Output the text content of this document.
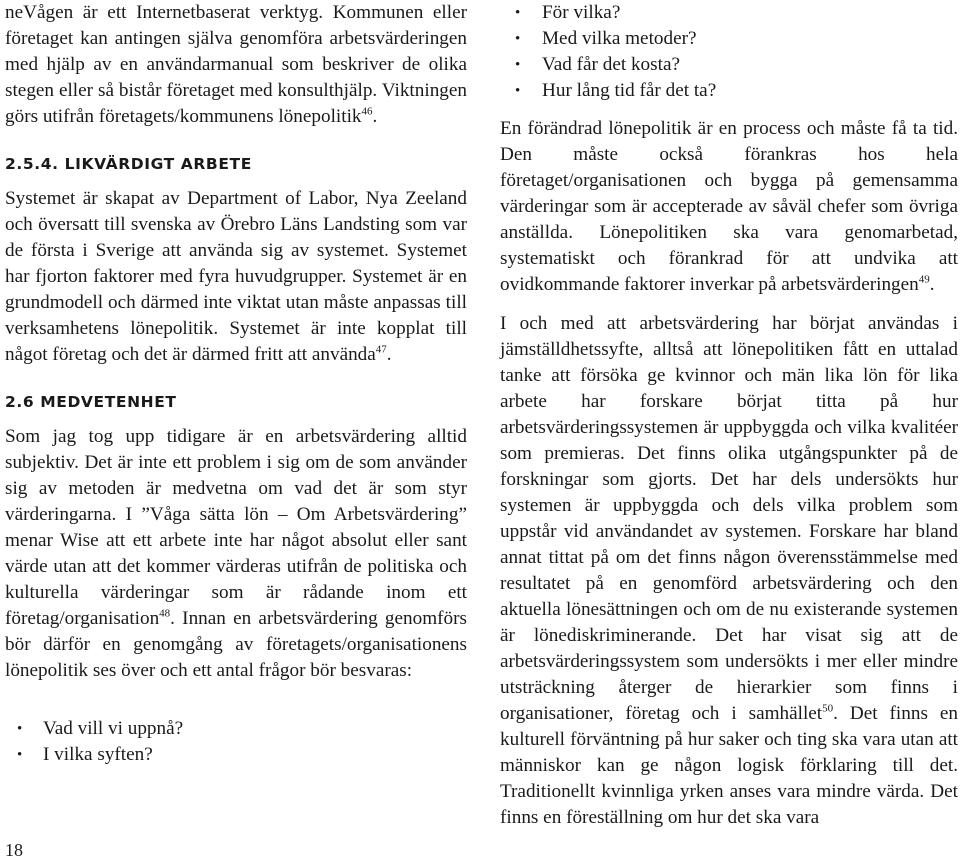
neVågen är ett Internetbaserat verktyg. Kommunen eller företaget kan antingen själva genomföra arbetsvärderingen med hjälp av en användarmanual som beskriver de olika stegen eller så bistår företaget med konsulthjälp. Viktningen görs utifrån företagets/kommunens lönepolitik$^{46}$.

2.5.4. LIKVÄRDIGT ARBETE

Systemet är skapat av Department of Labor, Nya Zeeland och översatt till svenska av Örebro Läns Landsting som var de första i Sverige att använda sig av systemet. Systemet har fjorton faktorer med fyra huvudgrupper. Systemet är en grundmodell och därmed inte viktat utan måste anpassas till verksamhetens lönepolitik. Systemet är inte kopplat till något företag och det är därmed fritt att använda$^{47}$.

2.6 MEDVETENHET

Som jag tog upp tidigare är en arbetsvärdering alltid subjektiv. Det är inte ett problem i sig om de som använder sig av metoden är medvetna om vad det är som styr värderingarna. I ”Våga sätta lön – Om Arbetsvärdering” menar Wise att ett arbete inte har något absolut eller sant värde utan att det kommer värderas utifrån de politiska och kulturella värderingar som är rådande inom ett företag/organisation$^{48}$. Innan en arbetsvärdering genomförs bör därför en genomgång av företagets/organisationens lönepolitik ses över och ett antal frågor bör besvaras:

• Vad vill vi uppnå?
• I vilka syften?
• För vilka?
• Med vilka metoder?
• Vad får det kosta?
• Hur lång tid får det ta?

En förändrad lönepolitik är en process och måste få ta tid. Den måste också förankras hos hela företaget/organisationen och bygga på gemensamma värderingar som är accepterade av såväl chefer som övriga anställda. Lönepolitiken ska vara genomarbetad, systematiskt och förankrad för att undvika att ovidkommande faktorer inverkar på arbetsvärderingen$^{49}$.

I och med att arbetsvärdering har börjat användas i jämställdhetssyfte, alltså att lönepolitiken fått en uttalad tanke att försöka ge kvinnor och män lika lön för lika arbete har forskare börjat titta på hur arbetsvärderingssystemen är uppbyggda och vilka kvalitéer som premieras. Det finns olika utgångspunkter på de forskningar som gjorts. Det har dels undersökts hur systemen är uppbyggda och dels vilka problem som uppstår vid användandet av systemen. Forskare har bland annat tittat på om det finns någon överensstämmelse med resultatet på en genomförd arbetsvärdering och den aktuella lönesättningen och om de nu existerande systemen är lönediskriminerande. Det har visat sig att de arbetsvärderingssystem som undersökts i mer eller mindre utsträckning återger de hierarkier som finns i organisationer, företag och i samhället$^{50}$. Det finns en kulturell förväntning på hur saker och ting ska vara utan att människor kan ge någon logisk förklaring till det. Traditionellt kvinnliga yrken anses vara mindre värda. Det finns en föreställning om hur det ska vara

18
